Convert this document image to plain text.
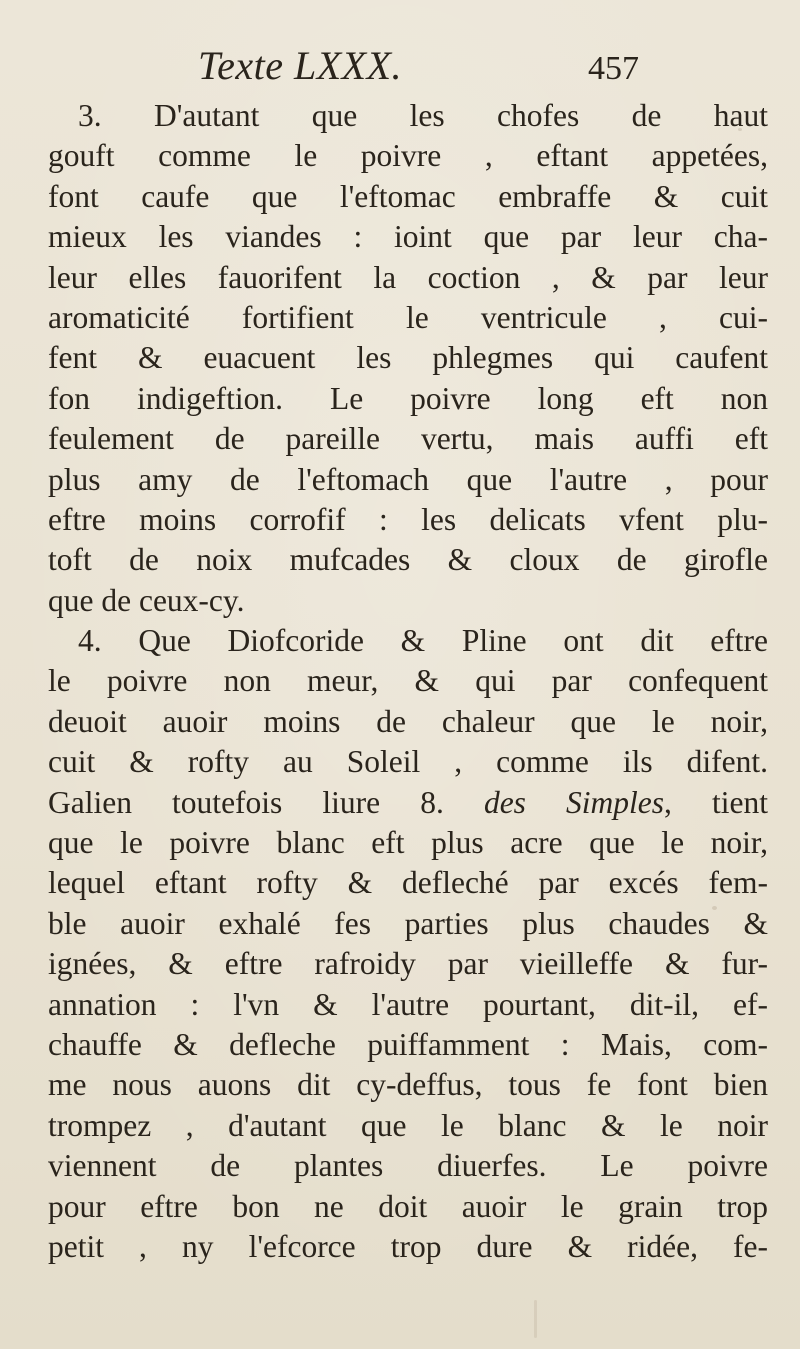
Texte LXXX.	457
3. D'autant que les chofes de haut
gouft comme le poivre , eftant appetées,
font caufe que l'eftomac embraffe & cuit
mieux les viandes : ioint que par leur cha-
leur elles fauorifent la coction , & par leur
aromaticité fortifient le ventricule , cui-
fent & euacuent les phlegmes qui caufent
fon indigeftion. Le poivre long eft non
feulement de pareille vertu, mais auffi eft
plus amy de l'eftomach que l'autre , pour
eftre moins corrofif : les delicats vfent plu-
toft de noix mufcades & cloux de girofle
que de ceux-cy.
4. Que Diofcoride & Pline ont dit eftre
le poivre non meur, & qui par confequent
deuoit auoir moins de chaleur que le noir,
cuit & rofty au Soleil , comme ils difent.
Galien toutefois liure 8. des Simples, tient
que le poivre blanc eft plus acre que le noir,
lequel eftant rofty & defleché par excés fem-
ble auoir exhalé fes parties plus chaudes &
ignées, & eftre rafroidy par vieilleffe & fur-
annation : l'vn & l'autre pourtant, dit-il, ef-
chauffe & defleche puiffamment : Mais, com-
me nous auons dit cy-deffus, tous fe font bien
trompez , d'autant que le blanc & le noir
viennent de plantes diuerfes. Le poivre
pour eftre bon ne doit auoir le grain trop
petit , ny l'efcorce trop dure & ridée, fe-
